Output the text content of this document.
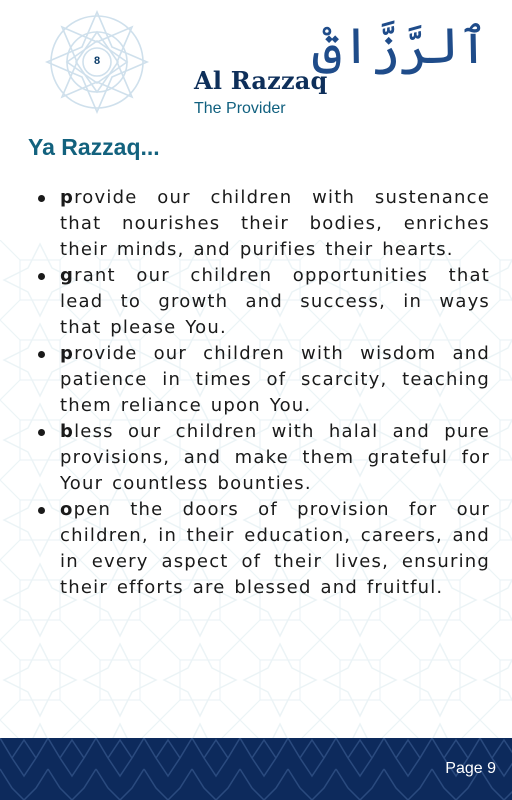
8	ٱلرَّزَّاقْ
Al Razzaq
The Provider
Ya Razzaq...
provide our children with sustenance that nourishes their bodies, enriches their minds, and purifies their hearts.
grant our children opportunities that lead to growth and success, in ways that please You.
provide our children with wisdom and patience in times of scarcity, teaching them reliance upon You.
bless our children with halal and pure provisions, and make them grateful for Your countless bounties.
open the doors of provision for our children, in their education, careers, and in every aspect of their lives, ensuring their efforts are blessed and fruitful.
Page 9
